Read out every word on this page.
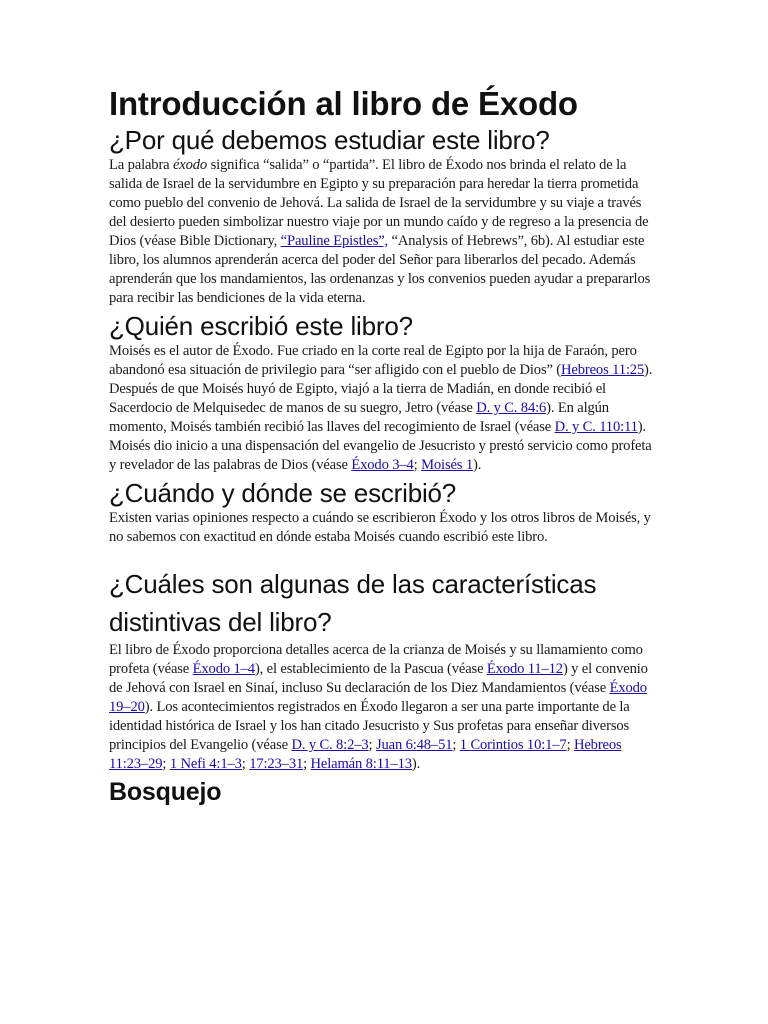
Introducción al libro de Éxodo
¿Por qué debemos estudiar este libro?

La palabra éxodo significa “salida” o “partida”. El libro de Éxodo nos brinda el relato de la salida de Israel de la servidumbre en Egipto y su preparación para heredar la tierra prometida como pueblo del convenio de Jehová. La salida de Israel de la servidumbre y su viaje a través del desierto pueden simbolizar nuestro viaje por un mundo caído y de regreso a la presencia de Dios (véase Bible Dictionary, “Pauline Epistles”, “Analysis of Hebrews”, 6b). Al estudiar este libro, los alumnos aprenderán acerca del poder del Señor para liberarlos del pecado. Además aprenderán que los mandamientos, las ordenanzas y los convenios pueden ayudar a prepararlos para recibir las bendiciones de la vida eterna.

¿Quién escribió este libro?

Moisés es el autor de Éxodo. Fue criado en la corte real de Egipto por la hija de Faraón, pero abandonó esa situación de privilegio para “ser afligido con el pueblo de Dios” (Hebreos 11:25). Después de que Moisés huyó de Egipto, viajó a la tierra de Madián, en donde recibió el Sacerdocio de Melquisedec de manos de su suegro, Jetro (véase D. y C. 84:6). En algún momento, Moisés también recibió las llaves del recogimiento de Israel (véase D. y C. 110:11). Moisés dio inicio a una dispensación del evangelio de Jesucristo y prestó servicio como profeta y revelador de las palabras de Dios (véase Éxodo 3–4; Moisés 1).

¿Cuándo y dónde se escribió?

Existen varias opiniones respecto a cuándo se escribieron Éxodo y los otros libros de Moisés, y no sabemos con exactitud en dónde estaba Moisés cuando escribió este libro.

¿Cuáles son algunas de las características distintivas del libro?

El libro de Éxodo proporciona detalles acerca de la crianza de Moisés y su llamamiento como profeta (véase Éxodo 1–4), el establecimiento de la Pascua (véase Éxodo 11–12) y el convenio de Jehová con Israel en Sinaí, incluso Su declaración de los Diez Mandamientos (véase Éxodo 19–20). Los acontecimientos registrados en Éxodo llegaron a ser una parte importante de la identidad histórica de Israel y los han citado Jesucristo y Sus profetas para enseñar diversos principios del Evangelio (véase D. y C. 8:2–3; Juan 6:48–51; 1 Corintios 10:1–7; Hebreos 11:23–29; 1 Nefi 4:1–3; 17:23–31; Helamán 8:11–13).

Bosquejo
